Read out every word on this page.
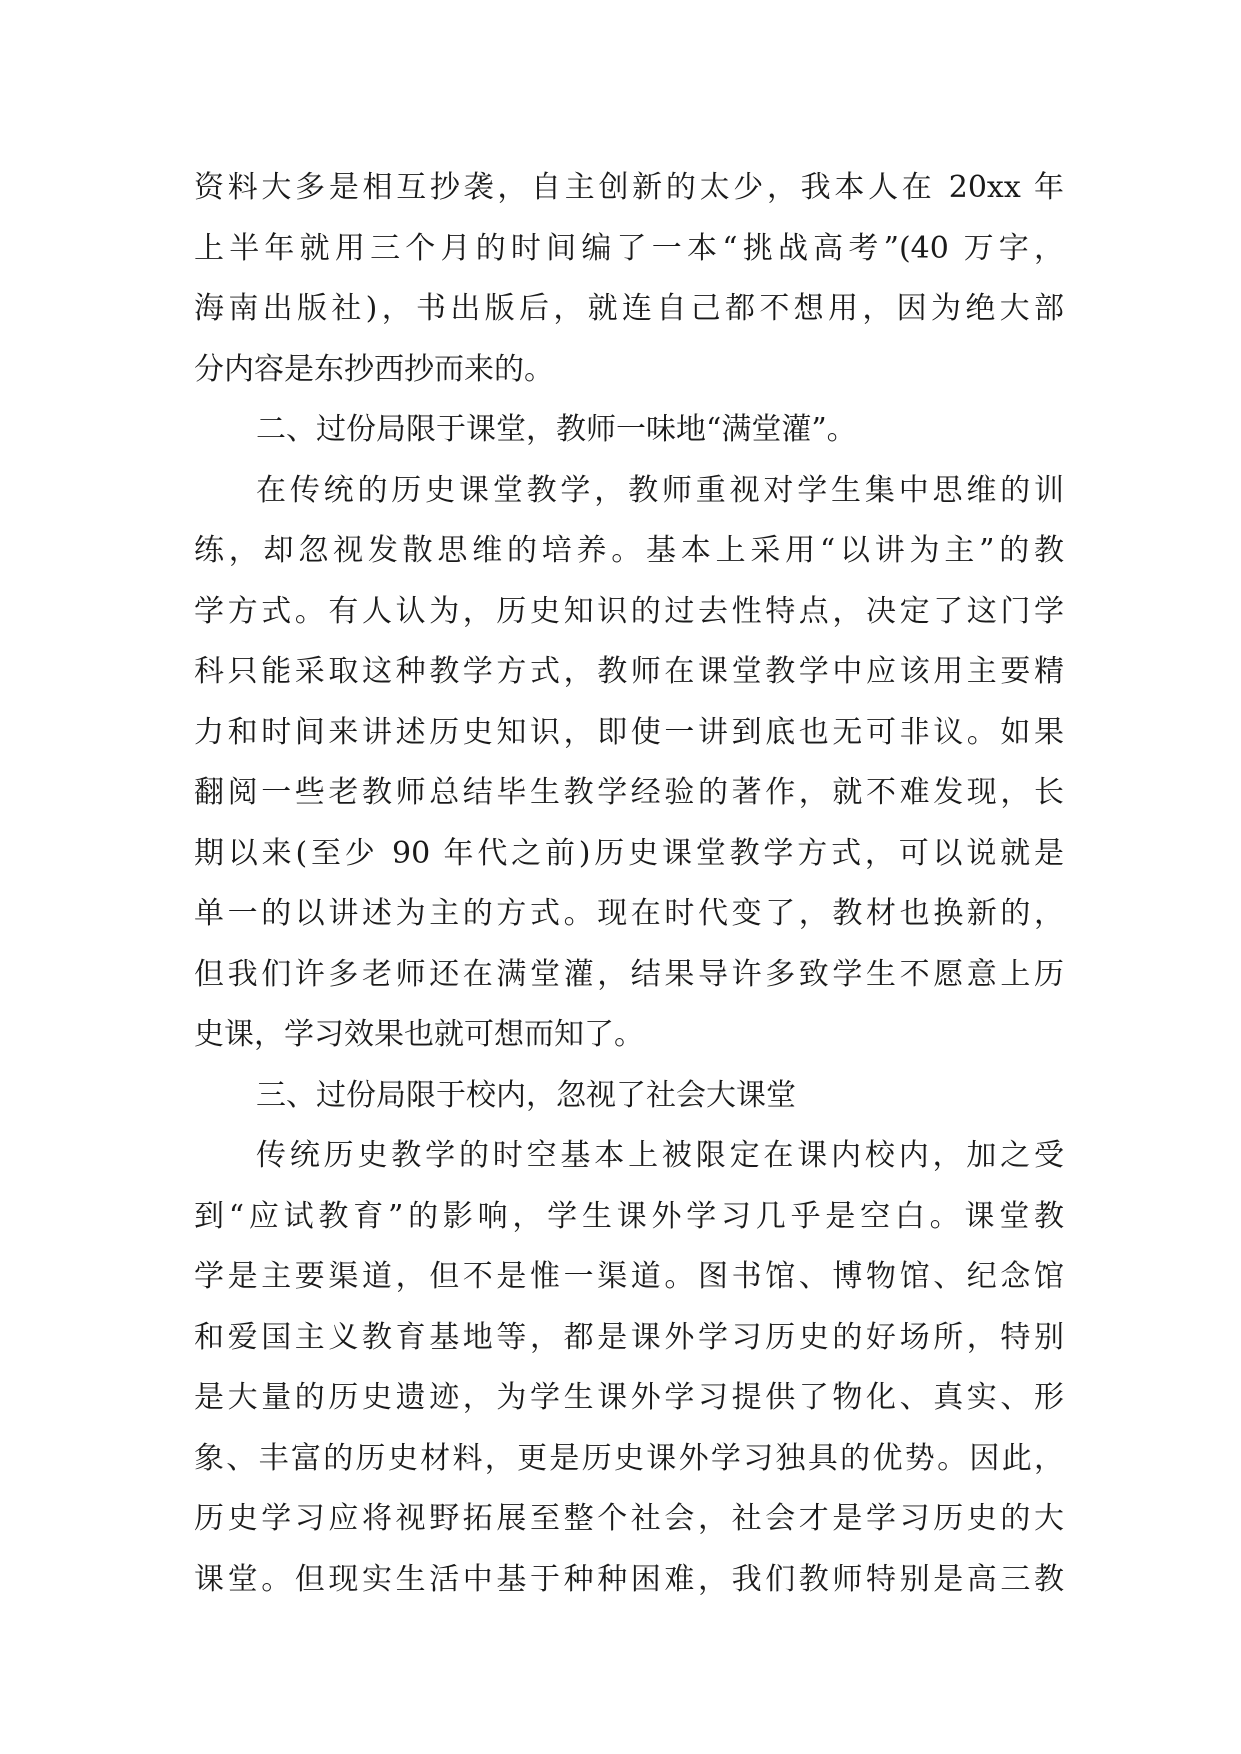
资料大多是相互抄袭，自主创新的太少，我本人在 20xx 年
上半年就用三个月的时间编了一本“挑战高考”(40 万字，
海南出版社)，书出版后，就连自己都不想用，因为绝大部
分内容是东抄西抄而来的。
二、过份局限于课堂，教师一味地“满堂灌”。
在传统的历史课堂教学，教师重视对学生集中思维的训
练，却忽视发散思维的培养。基本上采用“以讲为主”的教
学方式。有人认为，历史知识的过去性特点，决定了这门学
科只能采取这种教学方式，教师在课堂教学中应该用主要精
力和时间来讲述历史知识，即使一讲到底也无可非议。如果
翻阅一些老教师总结毕生教学经验的著作，就不难发现，长
期以来(至少 90 年代之前)历史课堂教学方式，可以说就是
单一的以讲述为主的方式。现在时代变了，教材也换新的，
但我们许多老师还在满堂灌，结果导许多致学生不愿意上历
史课，学习效果也就可想而知了。
三、过份局限于校内，忽视了社会大课堂
传统历史教学的时空基本上被限定在课内校内，加之受
到“应试教育”的影响，学生课外学习几乎是空白。课堂教
学是主要渠道，但不是惟一渠道。图书馆、博物馆、纪念馆
和爱国主义教育基地等，都是课外学习历史的好场所，特别
是大量的历史遗迹，为学生课外学习提供了物化、真实、形
象、丰富的历史材料，更是历史课外学习独具的优势。因此，
历史学习应将视野拓展至整个社会，社会才是学习历史的大
课堂。但现实生活中基于种种困难，我们教师特别是高三教
